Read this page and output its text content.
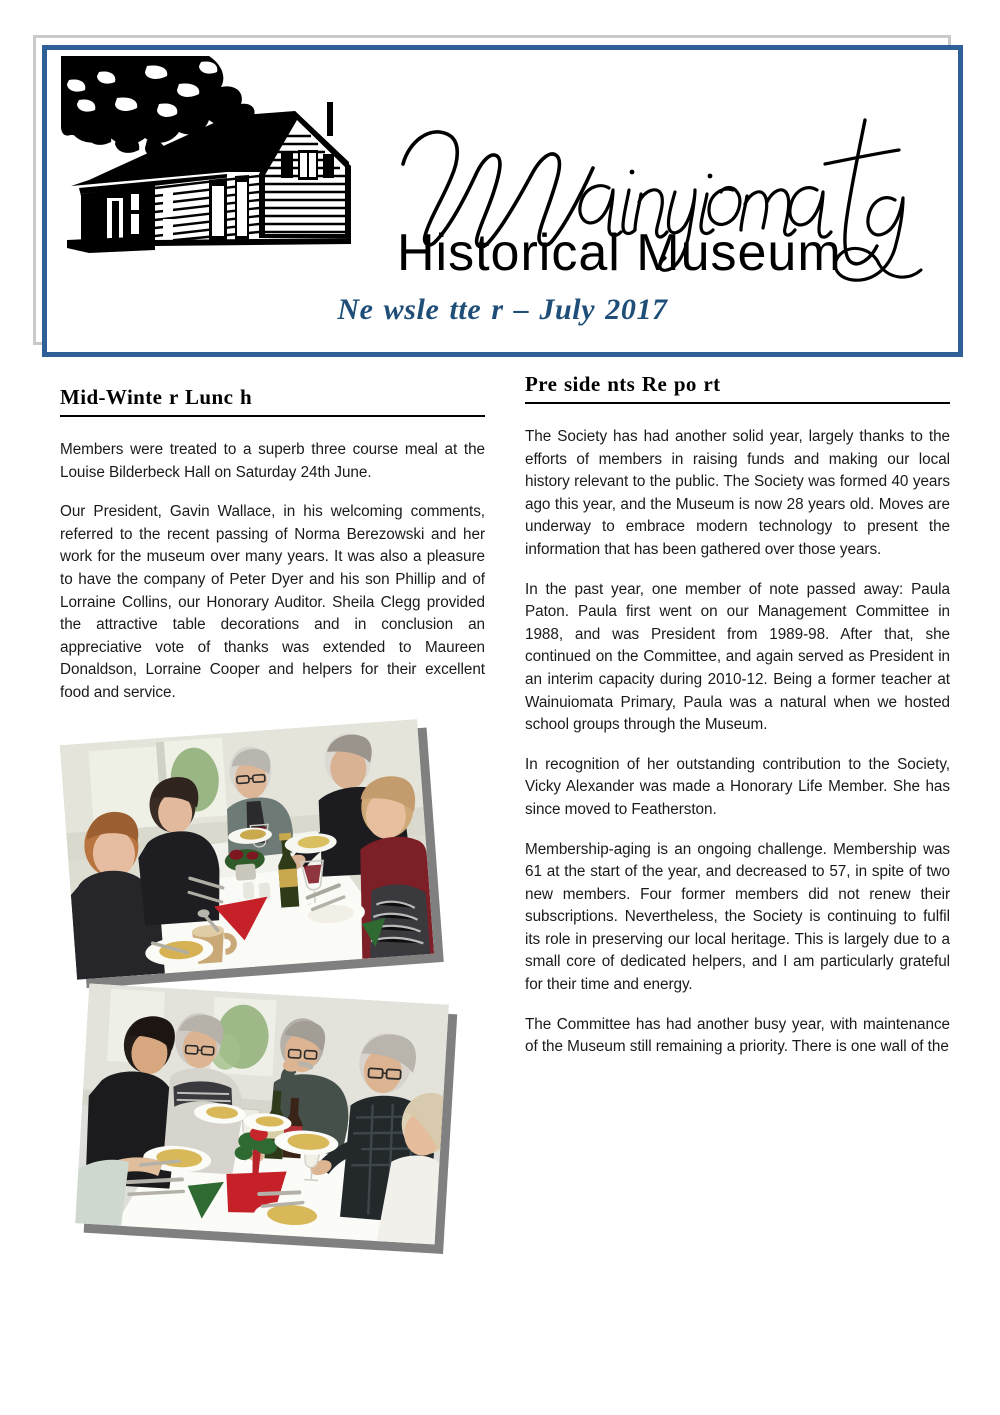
Historical Museum
Ne wsle tte r – July 2017
Mid-Winte r Lunc h

Members were treated to a superb three course meal at the Louise Bilderbeck Hall on Saturday 24th June.

Our President, Gavin Wallace, in his welcoming comments, referred to the recent passing of Norma Berezowski and her work for the museum over many years. It was also a pleasure to have the company of Peter Dyer and his son Phillip and of Lorraine Collins, our Honorary Auditor. Sheila Clegg provided the attractive table decorations and in conclusion an appreciative vote of thanks was extended to Maureen Donaldson, Lorraine Cooper and helpers for their excellent food and service.

Pre side nts Re po rt

The Society has had another solid year, largely thanks to the efforts of members in raising funds and making our local history relevant to the public. The Society was formed 40 years ago this year, and the Museum is now 28 years old. Moves are underway to embrace modern technology to present the information that has been gathered over those years.

In the past year, one member of note passed away: Paula Paton. Paula first went on our Management Committee in 1988, and was President from 1989-98. After that, she continued on the Committee, and again served as President in an interim capacity during 2010-12. Being a former teacher at Wainuiomata Primary, Paula was a natural when we hosted school groups through the Museum.

In recognition of her outstanding contribution to the Society, Vicky Alexander was made a Honorary Life Member. She has since moved to Featherston.

Membership-aging is an ongoing challenge. Membership was 61 at the start of the year, and decreased to 57, in spite of two new members. Four former members did not renew their subscriptions. Nevertheless, the Society is continuing to fulfil its role in preserving our local heritage. This is largely due to a small core of dedicated helpers, and I am particularly grateful for their time and energy.

The Committee has had another busy year, with maintenance of the Museum still remaining a priority. There is one wall of the
